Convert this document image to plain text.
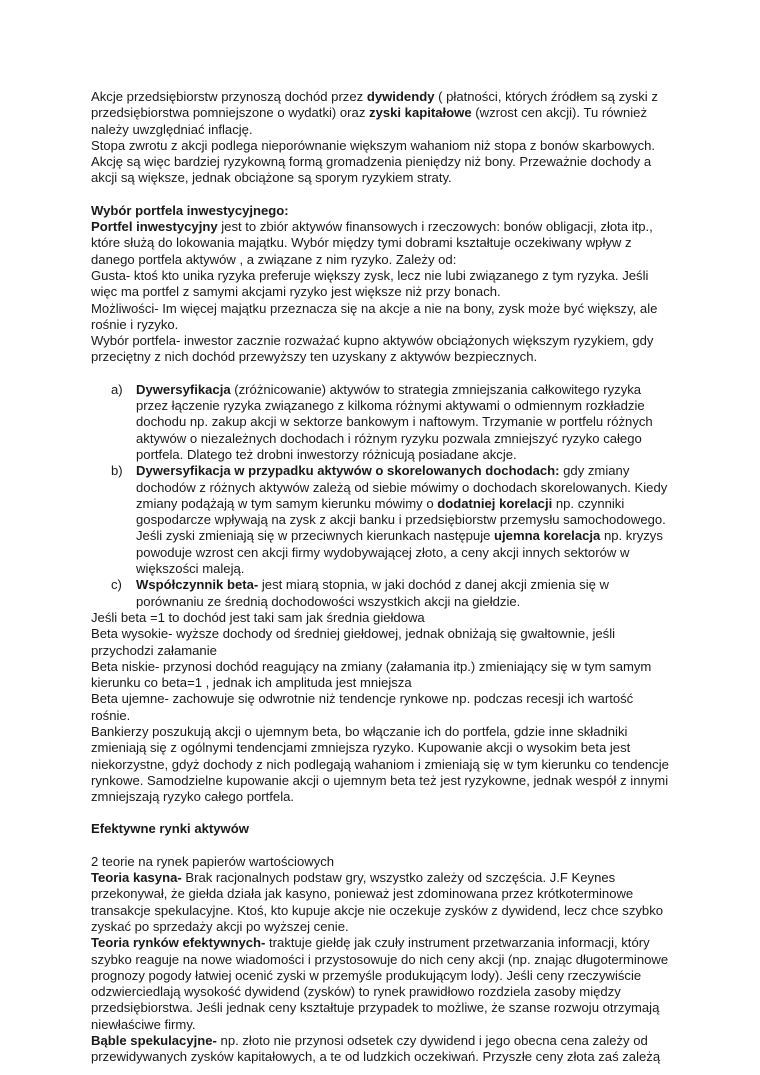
Akcje przedsiębiorstw przynoszą dochód przez dywidendy ( płatności, których źródłem są zyski z przedsiębiorstwa pomniejszone o wydatki) oraz zyski kapitałowe (wzrost cen akcji). Tu również należy uwzględniać inflację.

Stopa zwrotu z akcji podlega nieporównanie większym wahaniom niż stopa z bonów skarbowych. Akcję są więc bardziej ryzykowną formą gromadzenia pieniędzy niż bony. Przeważnie dochody a akcji są większe, jednak obciążone są sporym ryzykiem straty.

Wybór portfela inwestycyjnego:

Portfel inwestycyjny jest to zbiór aktywów finansowych i rzeczowych: bonów obligacji, złota itp., które służą do lokowania majątku. Wybór między tymi dobrami kształtuje oczekiwany wpływ z danego portfela aktywów , a związane z nim ryzyko. Zależy od:

Gusta- ktoś kto unika ryzyka preferuje większy zysk, lecz nie lubi związanego z tym ryzyka. Jeśli więc ma portfel z samymi akcjami ryzyko jest większe niż przy bonach.

Możliwości- Im więcej majątku przeznacza się na akcje a nie na bony, zysk może być większy, ale rośnie i ryzyko.

Wybór portfela- inwestor zacznie rozważać kupno aktywów obciążonych większym ryzykiem, gdy przeciętny z nich dochód przewyższy ten uzyskany z aktywów bezpiecznych.

a) Dywersyfikacja (zróżnicowanie) aktywów to strategia zmniejszania całkowitego ryzyka przez łączenie ryzyka związanego z kilkoma różnymi aktywami o odmiennym rozkładzie dochodu np. zakup akcji w sektorze bankowym i naftowym. Trzymanie w portfelu różnych aktywów o niezależnych dochodach i różnym ryzyku pozwala zmniejszyć ryzyko całego portfela. Dlatego też drobni inwestorzy różnicują posiadane akcje.
b) Dywersyfikacja w przypadku aktywów o skorelowanych dochodach: gdy zmiany dochodów z różnych aktywów zależą od siebie mówimy o dochodach skorelowanych. Kiedy zmiany podążają w tym samym kierunku mówimy o dodatniej korelacji np. czynniki gospodarcze wpływają na zysk z akcji banku i przedsiębiorstw przemysłu samochodowego. Jeśli zyski zmieniają się w przeciwnych kierunkach następuje ujemna korelacja np. kryzys powoduje wzrost cen akcji firmy wydobywającej złoto, a ceny akcji innych sektorów w większości maleją.
c) Współczynnik beta- jest miarą stopnia, w jaki dochód z danej akcji zmienia się w porównaniu ze średnią dochodowości wszystkich akcji na giełdzie.

Jeśli beta =1 to dochód jest taki sam jak średnia giełdowa

Beta wysokie- wyższe dochody od średniej giełdowej, jednak obniżają się gwałtownie, jeśli przychodzi załamanie

Beta niskie- przynosi dochód reagujący na zmiany (załamania itp.) zmieniający się w tym samym kierunku co beta=1 , jednak ich amplituda jest mniejsza

Beta ujemne- zachowuje się odwrotnie niż tendencje rynkowe np. podczas recesji ich wartość rośnie.

Bankierzy poszukują akcji o ujemnym beta, bo włączanie ich do portfela, gdzie inne składniki zmieniają się z ogólnymi tendencjami zmniejsza ryzyko. Kupowanie akcji o wysokim beta jest niekorzystne, gdyż dochody z nich podlegają wahaniom i zmieniają się w tym kierunku co tendencje rynkowe. Samodzielne kupowanie akcji o ujemnym beta też jest ryzykowne, jednak wespół z innymi zmniejszają ryzyko całego portfela.

Efektywne rynki aktywów

2 teorie na rynek papierów wartościowych

Teoria kasyna- Brak racjonalnych podstaw gry, wszystko zależy od szczęścia. J.F Keynes przekonywał, że giełda działa jak kasyno, ponieważ jest zdominowana przez krótkoterminowe transakcje spekulacyjne. Ktoś, kto kupuje akcje nie oczekuje zysków z dywidend, lecz chce szybko zyskać po sprzedaży akcji po wyższej cenie.

Teoria rynków efektywnych- traktuje giełdę jak czuły instrument przetwarzania informacji, który szybko reaguje na nowe wiadomości i przystosowuje do nich ceny akcji (np. znając długoterminowe prognozy pogody łatwiej ocenić zyski w przemyśle produkującym lody). Jeśli ceny rzeczywiście odzwierciedlają wysokość dywidend (zysków) to rynek prawidłowo rozdziela zasoby między przedsiębiorstwa. Jeśli jednak ceny kształtuje przypadek to możliwe, że szanse rozwoju otrzymają niewłaściwe firmy.

Bąble spekulacyjne- np. złoto nie przynosi odsetek czy dywidend i jego obecna cena zależy od przewidywanych zysków kapitałowych, a te od ludzkich oczekiwań. Przyszłe ceny złota zaś zależą
